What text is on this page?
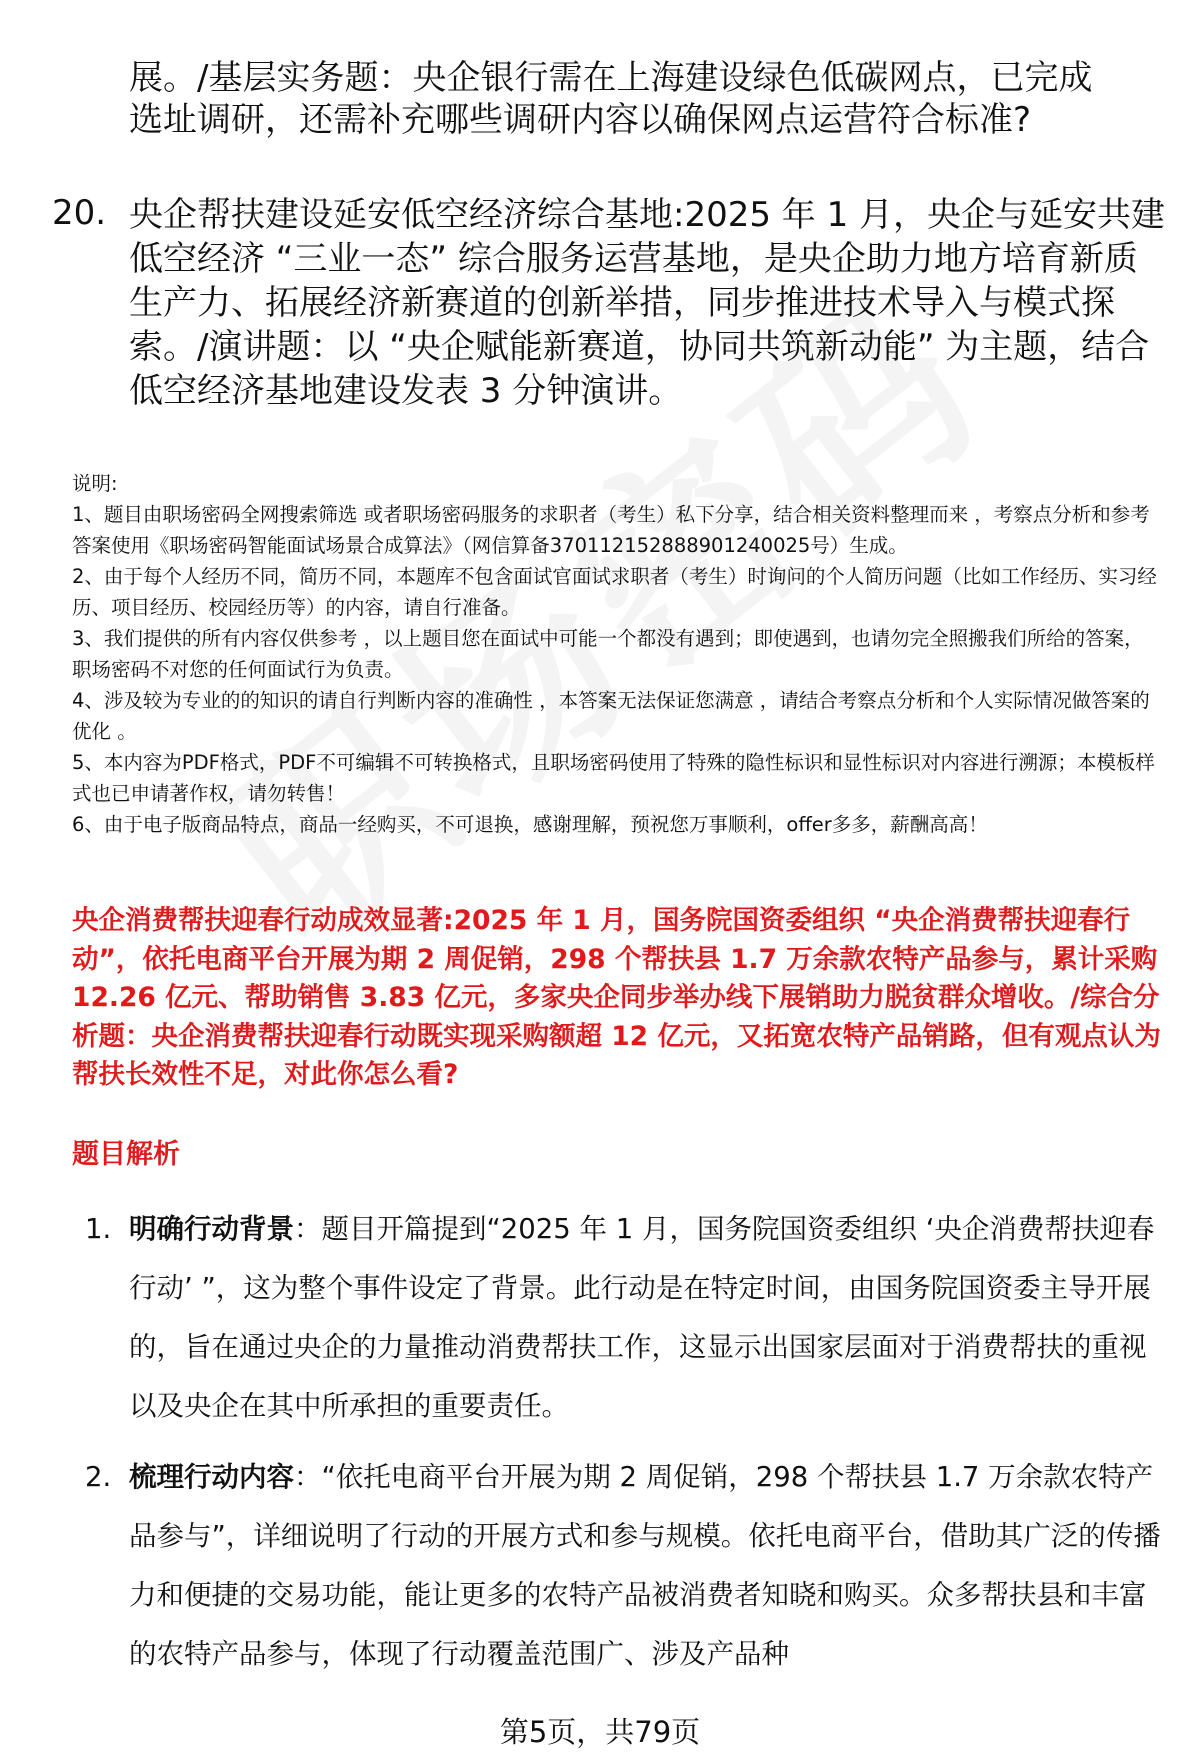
展。/基层实务题：央企银行需在上海建设绿色低碳网点，已完成
选址调研，还需补充哪些调研内容以确保网点运营符合标准?
20. 央企帮扶建设延安低空经济综合基地:2025 年 1 月，央企与延安共建低空经济 “三业一态” 综合服务运营基地，是央企助力地方培育新质生产力、拓展经济新赛道的创新举措，同步推进技术导入与模式探索。/演讲题：以 “央企赋能新赛道，协同共筑新动能” 为主题，结合低空经济基地建设发表 3 分钟演讲。

说明:

1、题目由职场密码全网搜索筛选 或者职场密码服务的求职者（考生）私下分享，结合相关资料整理而来 ，考察点分析和参考答案使用《职场密码智能面试场景合成算法》（网信算备370112152888901240025号）生成。

2、由于每个人经历不同，简历不同，本题库不包含面试官面试求职者（考生）时询问的个人简历问题（比如工作经历、实习经历、项目经历、校园经历等）的内容，请自行准备。

3、我们提供的所有内容仅供参考 ，以上题目您在面试中可能一个都没有遇到；即使遇到，也请勿完全照搬我们所给的答案，职场密码不对您的任何面试行为负责。

4、涉及较为专业的的知识的请自行判断内容的准确性 ，本答案无法保证您满意 ，请结合考察点分析和个人实际情况做答案的优化 。

5、本内容为PDF格式，PDF不可编辑不可转换格式，且职场密码使用了特殊的隐性标识和显性标识对内容进行溯源；本模板样式也已申请著作权，请勿转售！

6、由于电子版商品特点，商品一经购买，不可退换，感谢理解，预祝您万事顺利，offer多多，薪酬高高！

央企消费帮扶迎春行动成效显著:2025 年 1 月，国务院国资委组织 “央企消费帮扶迎春行动”，依托电商平台开展为期 2 周促销，298 个帮扶县 1.7 万余款农特产品参与，累计采购 12.26 亿元、帮助销售 3.83 亿元，多家央企同步举办线下展销助力脱贫群众增收。/综合分析题：央企消费帮扶迎春行动既实现采购额超 12 亿元，又拓宽农特产品销路，但有观点认为帮扶长效性不足，对此你怎么看?

题目解析
1. 明确行动背景：题目开篇提到“2025 年 1 月，国务院国资委组织 ‘央企消费帮扶迎春行动’ ”，这为整个事件设定了背景。此行动是在特定时间，由国务院国资委主导开展的，旨在通过央企的力量推动消费帮扶工作，这显示出国家层面对于消费帮扶的重视以及央企在其中所承担的重要责任。
2. 梳理行动内容：“依托电商平台开展为期 2 周促销，298 个帮扶县 1.7 万余款农特产品参与”，详细说明了行动的开展方式和参与规模。依托电商平台，借助其广泛的传播力和便捷的交易功能，能让更多的农特产品被消费者知晓和购买。众多帮扶县和丰富的农特产品参与，体现了行动覆盖范围广、涉及产品种
第5页，共79页
